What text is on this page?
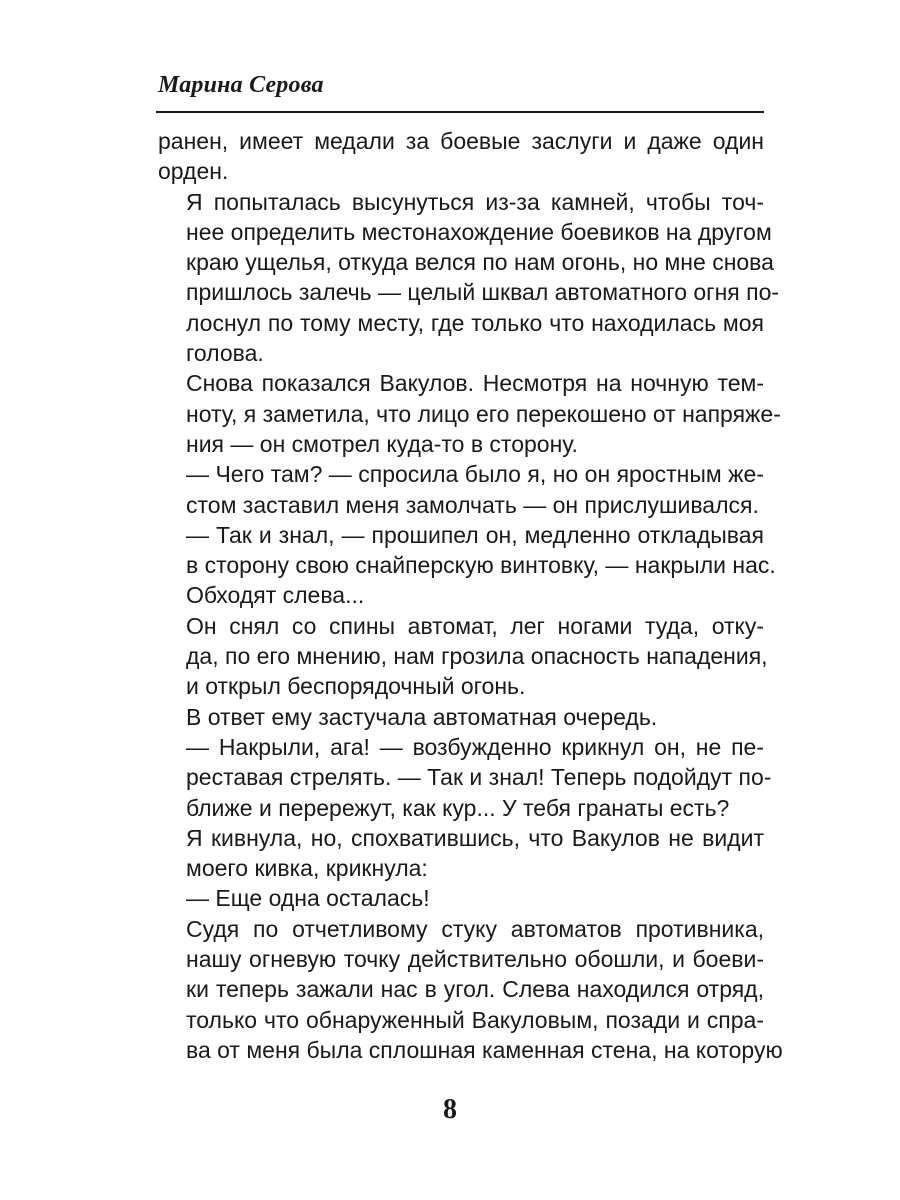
Марина Серова

ранен, имеет медали за боевые заслуги и даже один
орден.

Я попыталась высунуться из-за камней, чтобы точ-
нее определить местонахождение боевиков на другом
краю ущелья, откуда велся по нам огонь, но мне снова
пришлось залечь — целый шквал автоматного огня по-
лоснул по тому месту, где только что находилась моя
голова.

Снова показался Вакулов. Несмотря на ночную тем-
ноту, я заметила, что лицо его перекошено от напряже-
ния — он смотрел куда-то в сторону.

— Чего там? — спросила было я, но он яростным же-
стом заставил меня замолчать — он прислушивался.

— Так и знал, — прошипел он, медленно откладывая
в сторону свою снайперскую винтовку, — накрыли нас.
Обходят слева...

Он снял со спины автомат, лег ногами туда, отку-
да, по его мнению, нам грозила опасность нападения,
и открыл беспорядочный огонь.

В ответ ему застучала автоматная очередь.

— Накрыли, ага! — возбужденно крикнул он, не пе-
реставая стрелять. — Так и знал! Теперь подойдут по-
ближе и перережут, как кур... У тебя гранаты есть?

Я кивнула, но, спохватившись, что Вакулов не видит
моего кивка, крикнула:

— Еще одна осталась!

Судя по отчетливому стуку автоматов противника,
нашу огневую точку действительно обошли, и боеви-
ки теперь зажали нас в угол. Слева находился отряд,
только что обнаруженный Вакуловым, позади и спра-
ва от меня была сплошная каменная стена, на которую

8
